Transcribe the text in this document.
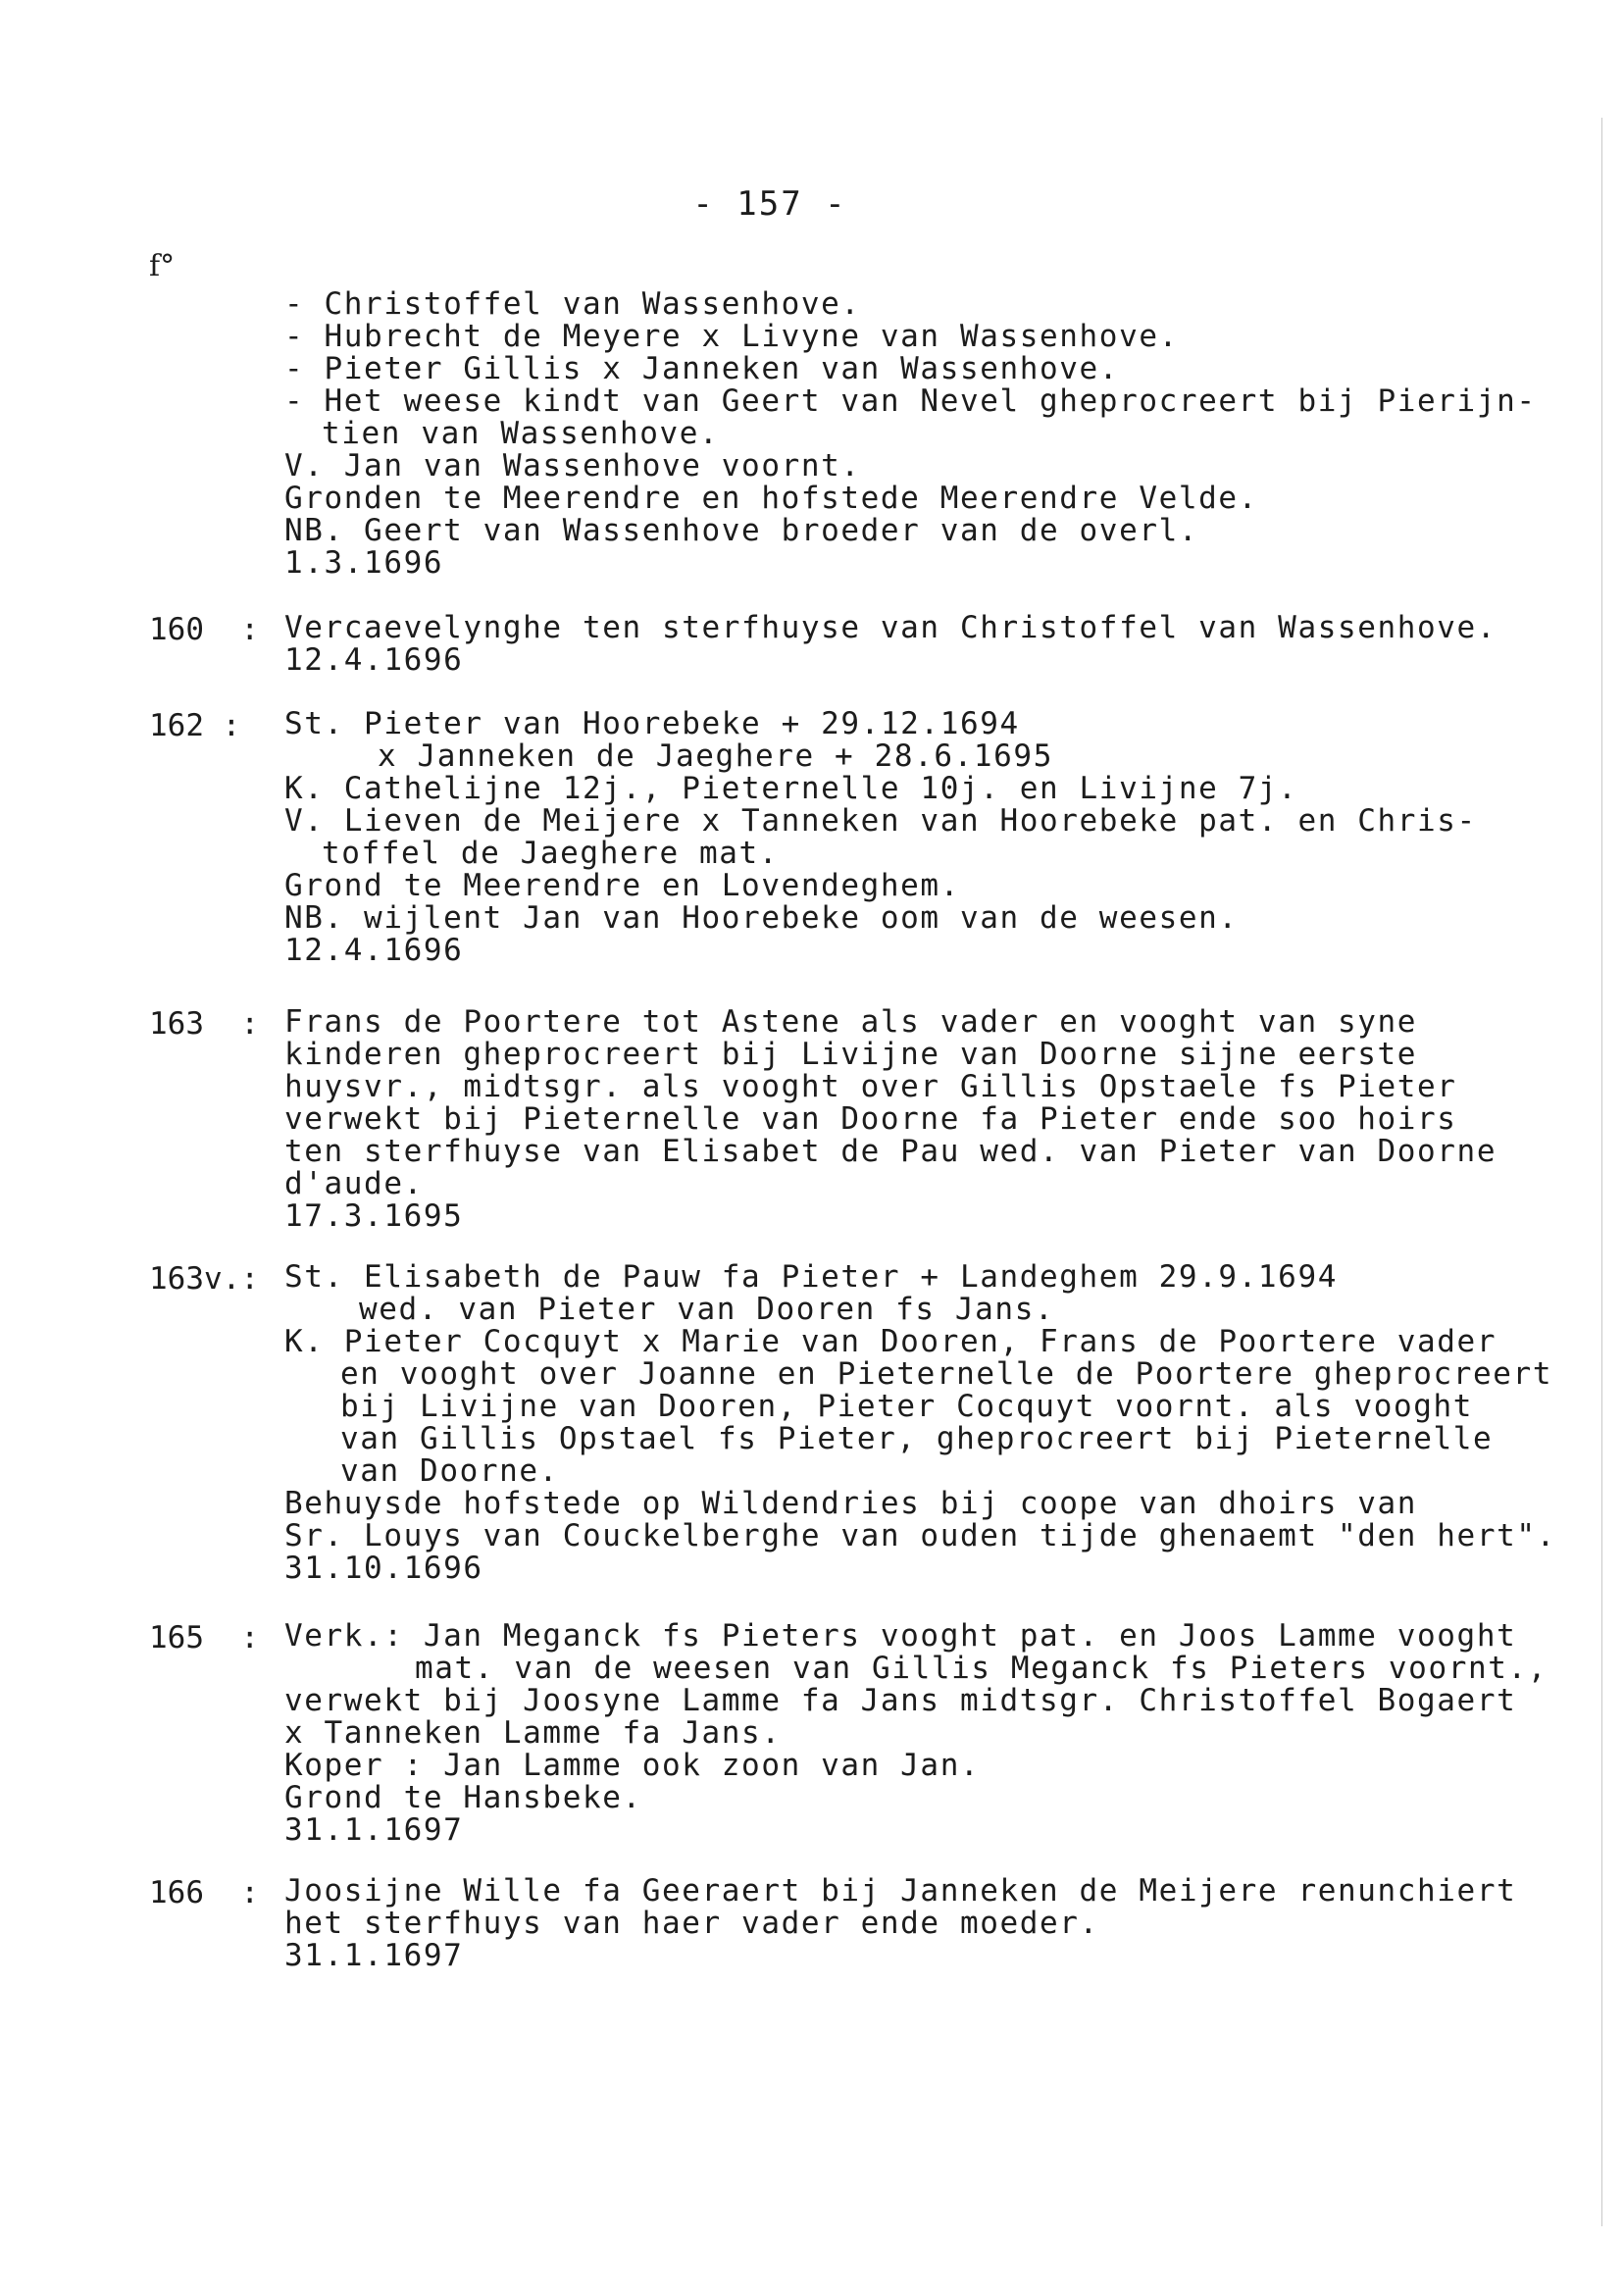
- 157 -
f°
- Christoffel van Wassenhove.
- Hubrecht de Meyere x Livyne van Wassenhove.
- Pieter Gillis x Janneken van Wassenhove.
- Het weese kindt van Geert van Nevel gheprocreert bij Pierijn-
tien van Wassenhove.
V. Jan van Wassenhove voornt.
Gronden te Meerendre en hofstede Meerendre Velde.
NB. Geert van Wassenhove broeder van de overl.
1.3.1696
160  : Vercaevelynghe ten sterfhuyse van Christoffel van Wassenhove.
12.4.1696
162 : St. Pieter van Hoorebeke + 29.12.1694
x Janneken de Jaeghere + 28.6.1695
K. Cathelijne 12j., Pieternelle 10j. en Livijne 7j.
V. Lieven de Meijere x Tanneken van Hoorebeke pat. en Chris-
toffel de Jaeghere mat.
Grond te Meerendre en Lovendeghem.
NB. wijlent Jan van Hoorebeke oom van de weesen.
12.4.1696
163  : Frans de Poortere tot Astene als vader en vooght van syne
kinderen gheprocreert bij Livijne van Doorne sijne eerste
huysvr., midtsgr. als vooght over Gillis Opstaele fs Pieter
verwekt bij Pieternelle van Doorne fa Pieter ende soo hoirs
ten sterfhuyse van Elisabet de Pau wed. van Pieter van Doorne
d'aude.
17.3.1695
163v.: St. Elisabeth de Pauw fa Pieter + Landeghem 29.9.1694
wed. van Pieter van Dooren fs Jans.
K. Pieter Cocquyt x Marie van Dooren, Frans de Poortere vader
en vooght over Joanne en Pieternelle de Poortere gheprocreert
bij Livijne van Dooren, Pieter Cocquyt voornt. als vooght
van Gillis Opstael fs Pieter, gheprocreert bij Pieternelle
van Doorne.
Behuysde hofstede op Wildendries bij coope van dhoirs van
Sr. Louys van Couckelberghe van ouden tijde ghenaemt "den hert".
31.10.1696
165  : Verk.: Jan Meganck fs Pieters vooght pat. en Joos Lamme vooght
mat. van de weesen van Gillis Meganck fs Pieters voornt.,
verwekt bij Joosyne Lamme fa Jans midtsgr. Christoffel Bogaert
x Tanneken Lamme fa Jans.
Koper : Jan Lamme ook zoon van Jan.
Grond te Hansbeke.
31.1.1697
166  : Joosijne Wille fa Geeraert bij Janneken de Meijere renunchiert
het sterfhuys van haer vader ende moeder.
31.1.1697
